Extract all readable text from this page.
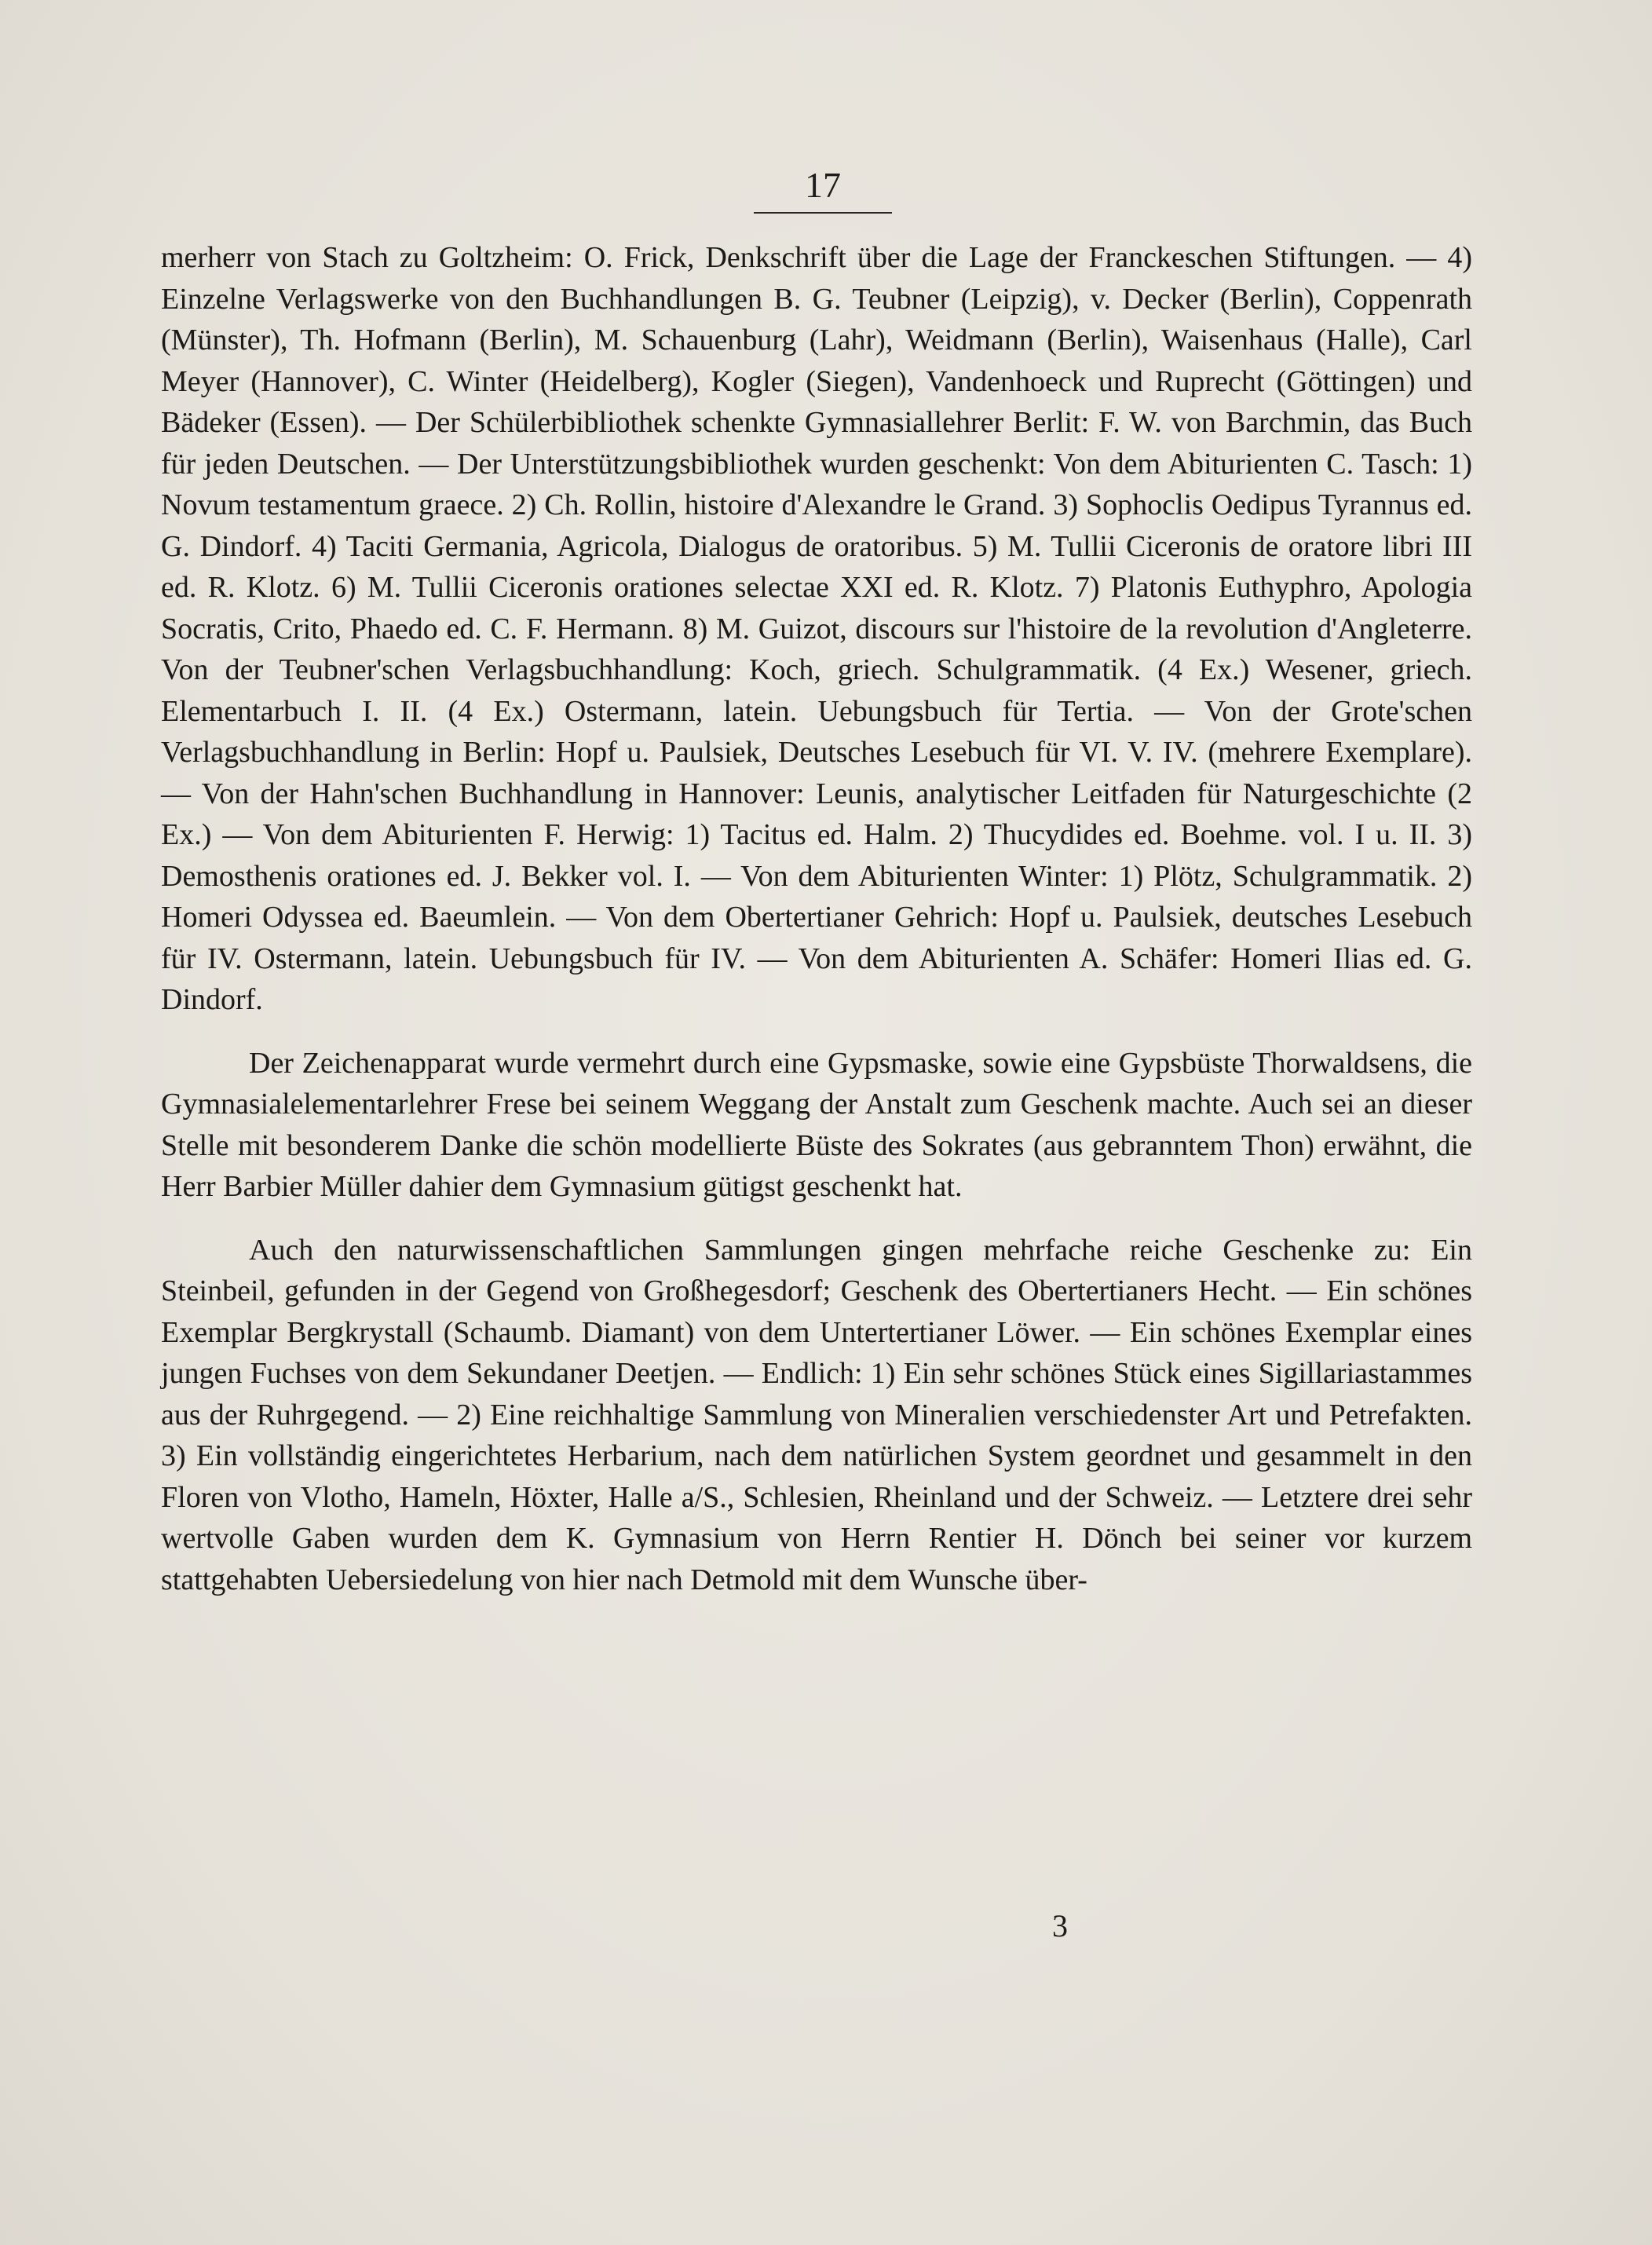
17

merherr von Stach zu Goltzheim: O. Frick, Denkschrift über die Lage der Franckeschen Stiftungen. — 4) Einzelne Verlagswerke von den Buchhandlungen B. G. Teubner (Leipzig), v. Decker (Berlin), Coppenrath (Münster), Th. Hofmann (Berlin), M. Schauenburg (Lahr), Weidmann (Berlin), Waisenhaus (Halle), Carl Meyer (Hannover), C. Winter (Heidelberg), Kogler (Siegen), Vandenhoeck und Ruprecht (Göttingen) und Bädeker (Essen). — Der Schülerbibliothek schenkte Gymnasiallehrer Berlit: F. W. von Barchmin, das Buch für jeden Deutschen. — Der Unterstützungsbibliothek wurden geschenkt: Von dem Abiturienten C. Tasch: 1) Novum testamentum graece. 2) Ch. Rollin, histoire d'Alexandre le Grand. 3) Sophoclis Oedipus Tyrannus ed. G. Dindorf. 4) Taciti Germania, Agricola, Dialogus de oratoribus. 5) M. Tullii Ciceronis de oratore libri III ed. R. Klotz. 6) M. Tullii Ciceronis orationes selectae XXI ed. R. Klotz. 7) Platonis Euthyphro, Apologia Socratis, Crito, Phaedo ed. C. F. Hermann. 8) M. Guizot, discours sur l'histoire de la revolution d'Angleterre. Von der Teubner'schen Verlagsbuchhandlung: Koch, griech. Schulgrammatik. (4 Ex.) Wesener, griech. Elementarbuch I. II. (4 Ex.) Ostermann, latein. Uebungsbuch für Tertia. — Von der Grote'schen Verlagsbuchhandlung in Berlin: Hopf u. Paulsiek, Deutsches Lesebuch für VI. V. IV. (mehrere Exemplare). — Von der Hahn'schen Buchhandlung in Hannover: Leunis, analytischer Leitfaden für Naturgeschichte (2 Ex.) — Von dem Abiturienten F. Herwig: 1) Tacitus ed. Halm. 2) Thucydides ed. Boehme. vol. I u. II. 3) Demosthenis orationes ed. J. Bekker vol. I. — Von dem Abiturienten Winter: 1) Plötz, Schulgrammatik. 2) Homeri Odyssea ed. Baeumlein. — Von dem Obertertianer Gehrich: Hopf u. Paulsiek, deutsches Lesebuch für IV. Ostermann, latein. Uebungsbuch für IV. — Von dem Abiturienten A. Schäfer: Homeri Ilias ed. G. Dindorf.

Der Zeichenapparat wurde vermehrt durch eine Gypsmaske, sowie eine Gypsbüste Thorwaldsens, die Gymnasialelementarlehrer Frese bei seinem Weggang der Anstalt zum Geschenk machte. Auch sei an dieser Stelle mit besonderem Danke die schön modellierte Büste des Sokrates (aus gebranntem Thon) erwähnt, die Herr Barbier Müller dahier dem Gymnasium gütigst geschenkt hat.

Auch den naturwissenschaftlichen Sammlungen gingen mehrfache reiche Geschenke zu: Ein Steinbeil, gefunden in der Gegend von Großhegesdorf; Geschenk des Obertertianers Hecht. — Ein schönes Exemplar Bergkrystall (Schaumb. Diamant) von dem Untertertianer Löwer. — Ein schönes Exemplar eines jungen Fuchses von dem Sekundaner Deetjen. — Endlich: 1) Ein sehr schönes Stück eines Sigillariastammes aus der Ruhrgegend. — 2) Eine reichhaltige Sammlung von Mineralien verschiedenster Art und Petrefakten. 3) Ein vollständig eingerichtetes Herbarium, nach dem natürlichen System geordnet und gesammelt in den Floren von Vlotho, Hameln, Höxter, Halle a/S., Schlesien, Rheinland und der Schweiz. — Letztere drei sehr wertvolle Gaben wurden dem K. Gymnasium von Herrn Rentier H. Dönch bei seiner vor kurzem stattgehabten Uebersiedelung von hier nach Detmold mit dem Wunsche über-

3
